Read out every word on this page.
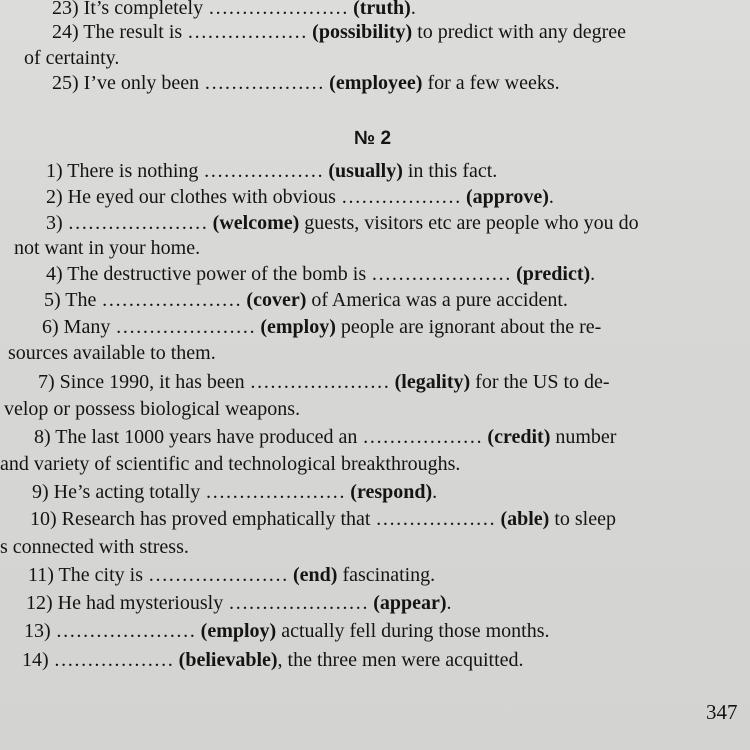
23) It’s completely ………………… (truth).
24) The result is ……………… (possibility) to predict with any degree
of certainty.
25) I’ve only been ……………… (employee) for a few weeks.
№ 2
1) There is nothing ……………… (usually) in this fact.
2) He eyed our clothes with obvious ……………… (approve).
3) ………………… (welcome) guests, visitors etc are people who you do
not want in your home.
4) The destructive power of the bomb is ………………… (predict).
5) The ………………… (cover) of America was a pure accident.
6) Many ………………… (employ) people are ignorant about the re-
sources available to them.
7) Since 1990, it has been ………………… (legality) for the US to de-
velop or possess biological weapons.
8) The last 1000 years have produced an ……………… (credit) number
and variety of scientific and technological breakthroughs.
9) He’s acting totally ………………… (respond).
10) Research has proved emphatically that ……………… (able) to sleep
s connected with stress.
11) The city is ………………… (end) fascinating.
12) He had mysteriously ………………… (appear).
13) ………………… (employ) actually fell during those months.
14) ……………… (believable), the three men were acquitted.
347
